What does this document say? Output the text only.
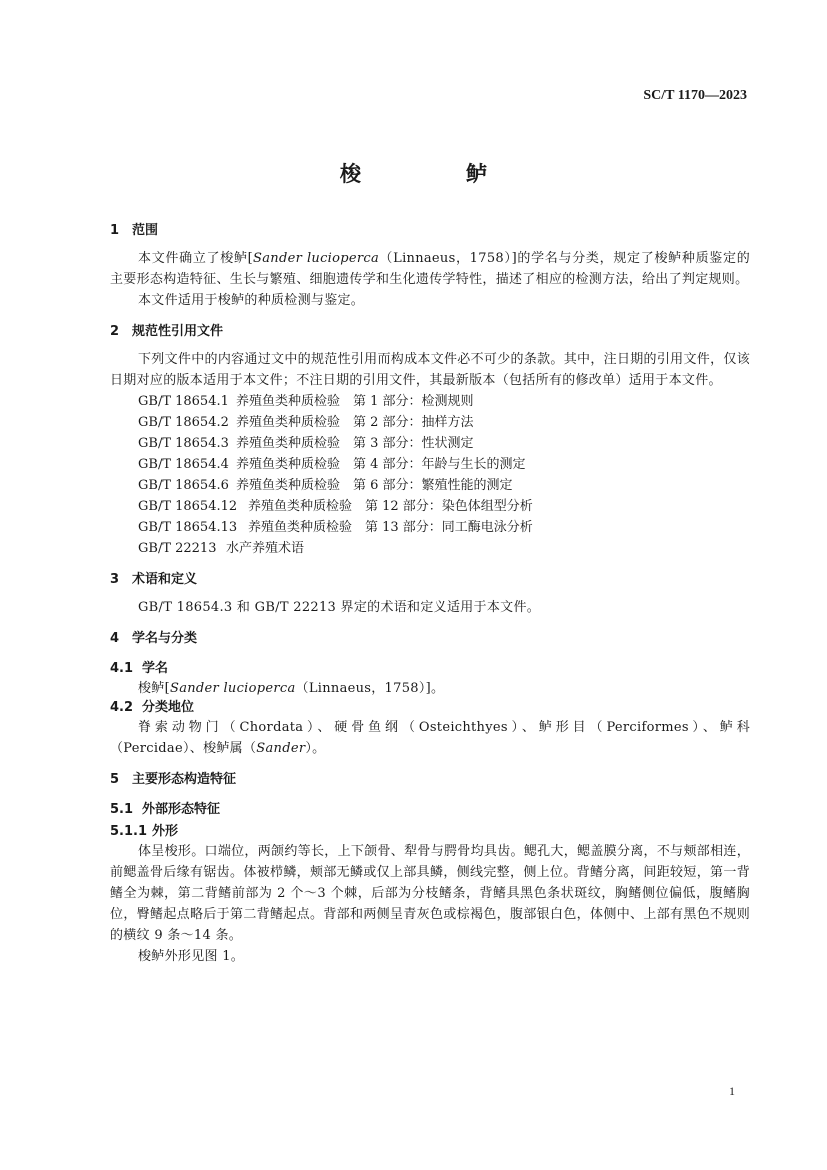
SC/T 1170—2023
梭　鲈
1 范围
本文件确立了梭鲈[Sander lucioperca（Linnaeus，1758）]的学名与分类，规定了梭鲈种质鉴定的主要形态构造特征、生长与繁殖、细胞遗传学和生化遗传学特性，描述了相应的检测方法，给出了判定规则。
本文件适用于梭鲈的种质检测与鉴定。
2 规范性引用文件
下列文件中的内容通过文中的规范性引用而构成本文件必不可少的条款。其中，注日期的引用文件，仅该日期对应的版本适用于本文件；不注日期的引用文件，其最新版本（包括所有的修改单）适用于本文件。
GB/T 18654.1 养殖鱼类种质检验　第 1 部分：检测规则
GB/T 18654.2 养殖鱼类种质检验　第 2 部分：抽样方法
GB/T 18654.3 养殖鱼类种质检验　第 3 部分：性状测定
GB/T 18654.4 养殖鱼类种质检验　第 4 部分：年龄与生长的测定
GB/T 18654.6 养殖鱼类种质检验　第 6 部分：繁殖性能的测定
GB/T 18654.12 养殖鱼类种质检验　第 12 部分：染色体组型分析
GB/T 18654.13 养殖鱼类种质检验　第 13 部分：同工酶电泳分析
GB/T 22213 水产养殖术语
3 术语和定义
GB/T 18654.3 和 GB/T 22213 界定的术语和定义适用于本文件。
4 学名与分类
4.1 学名
梭鲈[Sander lucioperca（Linnaeus，1758）]。
4.2 分类地位
脊索动物门（Chordata）、硬骨鱼纲（Osteichthyes）、鲈形目（Perciformes）、鲈科（Percidae）、梭鲈属（Sander）。
5 主要形态构造特征
5.1 外部形态特征
5.1.1 外形
体呈梭形。口端位，两颌约等长，上下颌骨、犁骨与腭骨均具齿。鳃孔大，鳃盖膜分离，不与颊部相连，前鳃盖骨后缘有锯齿。体被栉鳞，颊部无鳞或仅上部具鳞，侧线完整，侧上位。背鳍分离，间距较短，第一背鳍全为棘，第二背鳍前部为 2 个～3 个棘，后部为分枝鳍条，背鳍具黑色条状斑纹，胸鳍侧位偏低，腹鳍胸位，臀鳍起点略后于第二背鳍起点。背部和两侧呈青灰色或棕褐色，腹部银白色，体侧中、上部有黑色不规则的横纹 9 条～14 条。
梭鲈外形见图 1。
1
